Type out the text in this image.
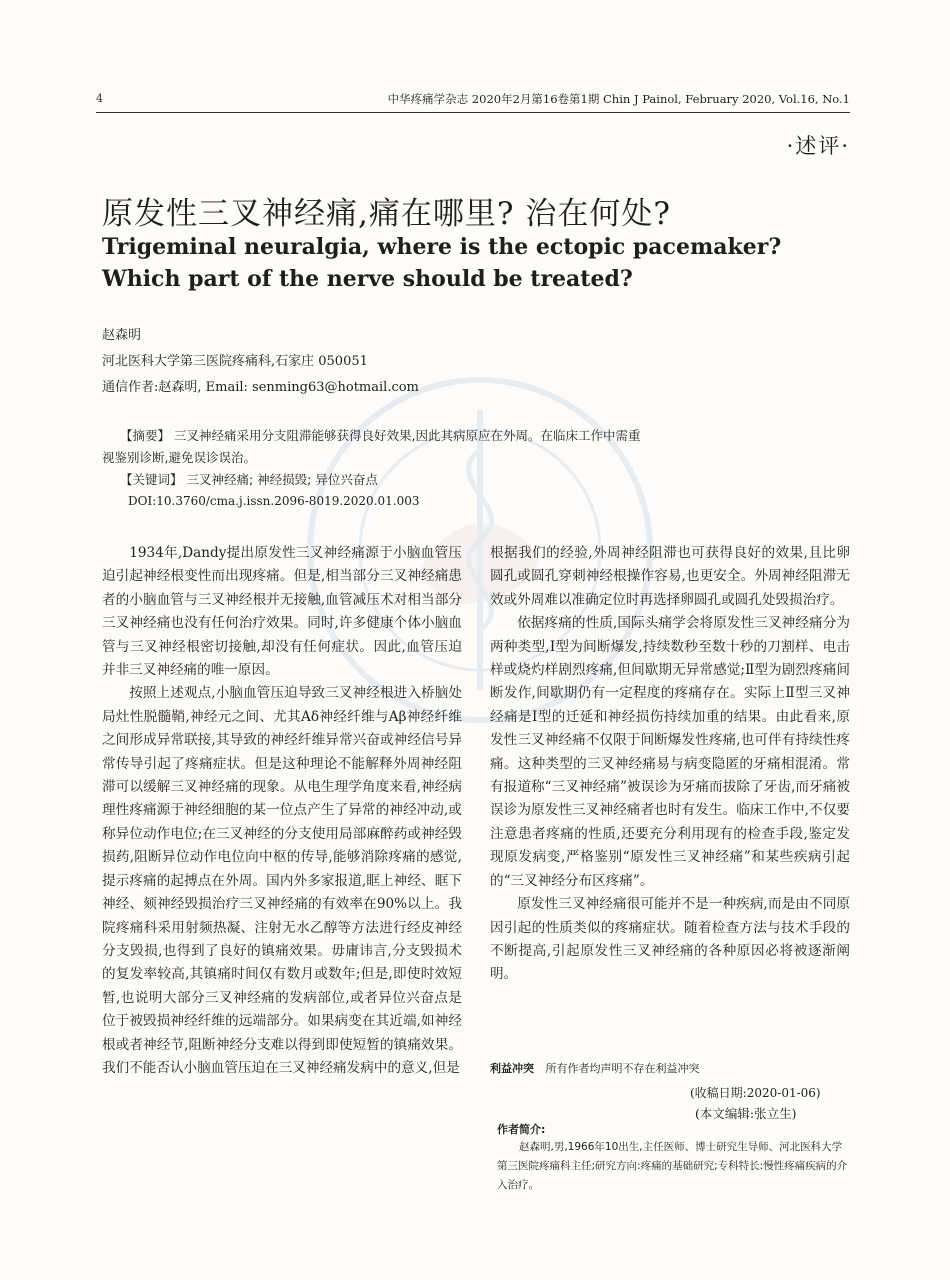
4	中华疼痛学杂志 2020年2月第16卷第1期 Chin J Painol, February 2020, Vol.16, No.1
·述评·
原发性三叉神经痛,痛在哪里? 治在何处?
Trigeminal neuralgia, where is the ectopic pacemaker?
Which part of the nerve should be treated?
赵森明
河北医科大学第三医院疼痛科,石家庄 050051
通信作者:赵森明, Email: senming63@hotmail.com
【摘要】 三叉神经痛采用分支阻滞能够获得良好效果,因此其病原应在外周。在临床工作中需重
视鉴别诊断,避免误诊误治。
【关键词】 三叉神经痛; 神经损毁; 异位兴奋点
DOI:10.3760/cma.j.issn.2096-8019.2020.01.003

1934年,Dandy提出原发性三叉神经痛源于小脑血管压迫引起神经根变性而出现疼痛。但是,相当部分三叉神经痛患者的小脑血管与三叉神经根并无接触,血管减压术对相当部分三叉神经痛也没有任何治疗效果。同时,许多健康个体小脑血管与三叉神经根密切接触,却没有任何症状。因此,血管压迫并非三叉神经痛的唯一原因。

按照上述观点,小脑血管压迫导致三叉神经根进入桥脑处局灶性脱髓鞘,神经元之间、尤其Aδ神经纤维与Aβ神经纤维之间形成异常联接,其导致的神经纤维异常兴奋或神经信号异常传导引起了疼痛症状。但是这种理论不能解释外周神经阻滞可以缓解三叉神经痛的现象。从电生理学角度来看,神经病理性疼痛源于神经细胞的某一位点产生了异常的神经冲动,或称异位动作电位;在三叉神经的分支使用局部麻醉药或神经毁损药,阻断异位动作电位向中枢的传导,能够消除疼痛的感觉,提示疼痛的起搏点在外周。国内外多家报道,眶上神经、眶下神经、颏神经毁损治疗三叉神经痛的有效率在90%以上。我院疼痛科采用射频热凝、注射无水乙醇等方法进行经皮神经分支毁损,也得到了良好的镇痛效果。毋庸讳言,分支毁损术的复发率较高,其镇痛时间仅有数月或数年;但是,即使时效短暂,也说明大部分三叉神经痛的发病部位,或者异位兴奋点是位于被毁损神经纤维的远端部分。如果病变在其近端,如神经根或者神经节,阻断神经分支难以得到即使短暂的镇痛效果。我们不能否认小脑血管压迫在三叉神经痛发病中的意义,但是

根据我们的经验,外周神经阻滞也可获得良好的效果,且比卵圆孔或圆孔穿刺神经根操作容易,也更安全。外周神经阻滞无效或外周难以准确定位时再选择卵圆孔或圆孔处毁损治疗。

依据疼痛的性质,国际头痛学会将原发性三叉神经痛分为两种类型,Ⅰ型为间断爆发,持续数秒至数十秒的刀割样、电击样或烧灼样剧烈疼痛,但间歇期无异常感觉;Ⅱ型为剧烈疼痛间断发作,间歇期仍有一定程度的疼痛存在。实际上Ⅱ型三叉神经痛是Ⅰ型的迁延和神经损伤持续加重的结果。由此看来,原发性三叉神经痛不仅限于间断爆发性疼痛,也可伴有持续性疼痛。这种类型的三叉神经痛易与病变隐匿的牙痛相混淆。常有报道称“三叉神经痛”被误诊为牙痛而拔除了牙齿,而牙痛被误诊为原发性三叉神经痛者也时有发生。临床工作中,不仅要注意患者疼痛的性质,还要充分利用现有的检查手段,鉴定发现原发病变,严格鉴别“原发性三叉神经痛”和某些疾病引起的“三叉神经分布区疼痛”。

原发性三叉神经痛很可能并不是一种疾病,而是由不同原因引起的性质类似的疼痛症状。随着检查方法与技术手段的不断提高,引起原发性三叉神经痛的各种原因必将被逐渐阐明。

利益冲突 所有作者均声明不存在利益冲突
(收稿日期:2020-01-06)
(本文编辑:张立生)
作者简介:
赵森明,男,1966年10出生,主任医师、博士研究生导师、河北医科大学第三医院疼痛科主任;研究方向:疼痛的基础研究;专科特长:慢性疼痛疾病的介入治疗。
